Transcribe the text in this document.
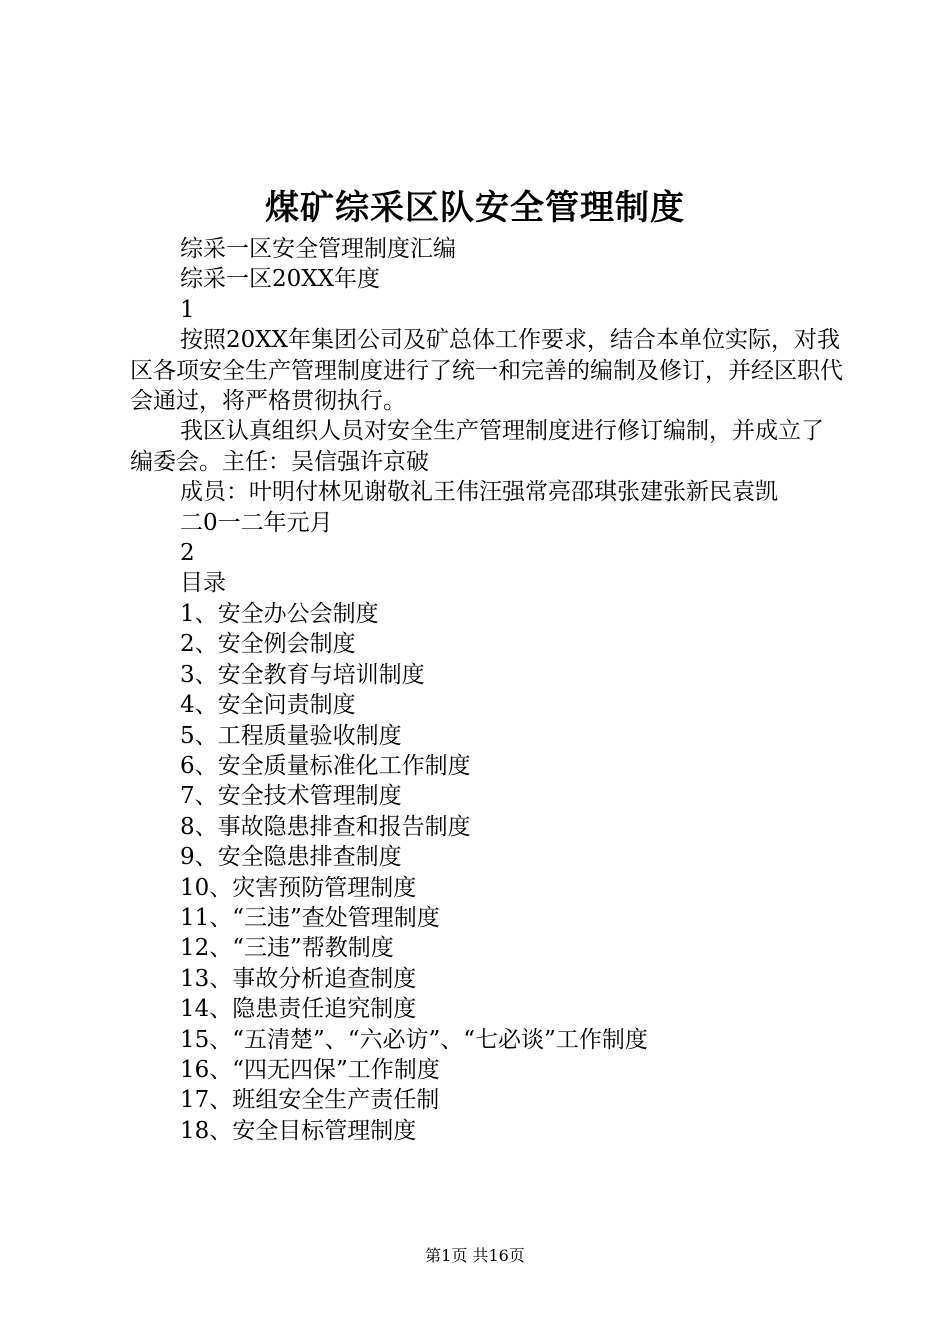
煤矿综采区队安全管理制度
综采一区安全管理制度汇编
综采一区20XX年度
1

按照20XX年集团公司及矿总体工作要求，结合本单位实际，对我区各项安全生产管理制度进行了统一和完善的编制及修订，并经区职代会通过，将严格贯彻执行。

我区认真组织人员对安全生产管理制度进行修订编制，并成立了编委会。主任：吴信强许京破

成员：叶明付林见谢敬礼王伟汪强常亮邵琪张建张新民袁凯

二0一二年元月
2
目录
1、安全办公会制度
2、安全例会制度
3、安全教育与培训制度
4、安全问责制度
5、工程质量验收制度
6、安全质量标准化工作制度
7、安全技术管理制度
8、事故隐患排查和报告制度
9、安全隐患排查制度
10、灾害预防管理制度
11、“三违”查处管理制度
12、“三违”帮教制度
13、事故分析追查制度
14、隐患责任追究制度
15、“五清楚”、“六必访”、“七必谈”工作制度
16、“四无四保”工作制度
17、班组安全生产责任制
18、安全目标管理制度
第1页 共16页
